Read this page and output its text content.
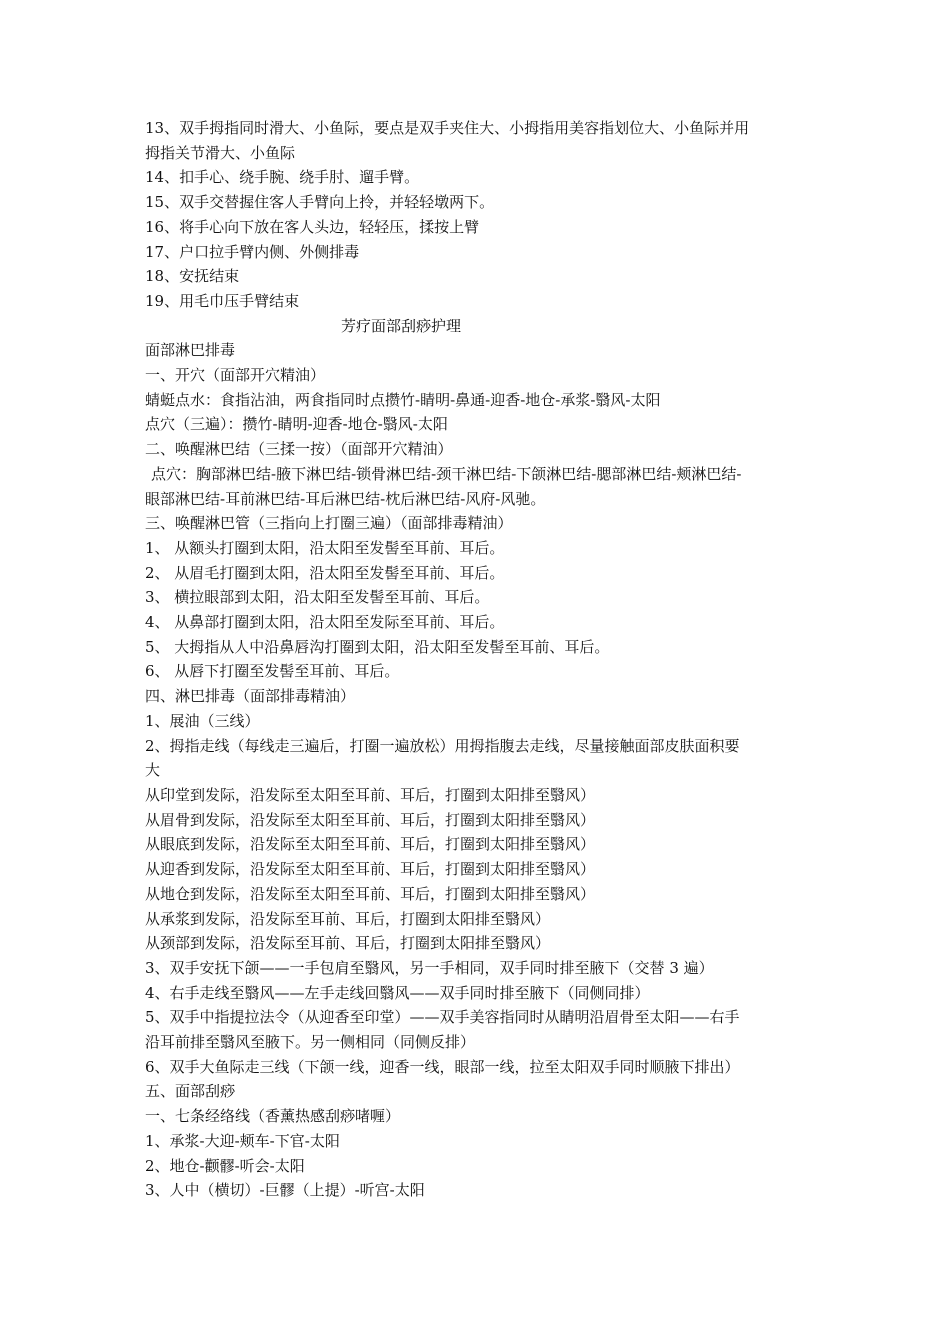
13、双手拇指同时滑大、小鱼际，要点是双手夹住大、小拇指用美容指划位大、小鱼际并用
拇指关节滑大、小鱼际
14、扣手心、绕手腕、绕手肘、遛手臂。
15、双手交替握住客人手臂向上拎，并轻轻墩两下。
16、将手心向下放在客人头边，轻轻压，揉按上臂
17、户口拉手臂内侧、外侧排毒
18、安抚结束
19、用毛巾压手臂结束
芳疗面部刮痧护理
面部淋巴排毒
一、开穴（面部开穴精油）
蜻蜓点水：食指沾油，两食指同时点攒竹-睛明-鼻通-迎香-地仓-承浆-翳风-太阳
点穴（三遍）：攒竹-睛明-迎香-地仓-翳风-太阳
二、唤醒淋巴结（三揉一按）（面部开穴精油）
点穴：胸部淋巴结-腋下淋巴结-锁骨淋巴结-颈干淋巴结-下颌淋巴结-腮部淋巴结-颊淋巴结-
眼部淋巴结-耳前淋巴结-耳后淋巴结-枕后淋巴结-风府-风驰。
三、唤醒淋巴管（三指向上打圈三遍）（面部排毒精油）
1、 从额头打圈到太阳，沿太阳至发髻至耳前、耳后。
2、 从眉毛打圈到太阳，沿太阳至发髻至耳前、耳后。
3、 横拉眼部到太阳，沿太阳至发髻至耳前、耳后。
4、 从鼻部打圈到太阳，沿太阳至发际至耳前、耳后。
5、 大拇指从人中沿鼻唇沟打圈到太阳，沿太阳至发髻至耳前、耳后。
6、 从唇下打圈至发髻至耳前、耳后。
四、淋巴排毒（面部排毒精油）
1、展油（三线）
2、拇指走线（每线走三遍后，打圈一遍放松）用拇指腹去走线，尽量接触面部皮肤面积要
大
从印堂到发际，沿发际至太阳至耳前、耳后，打圈到太阳排至翳风）
从眉骨到发际，沿发际至太阳至耳前、耳后，打圈到太阳排至翳风）
从眼底到发际，沿发际至太阳至耳前、耳后，打圈到太阳排至翳风）
从迎香到发际，沿发际至太阳至耳前、耳后，打圈到太阳排至翳风）
从地仓到发际，沿发际至太阳至耳前、耳后，打圈到太阳排至翳风）
从承浆到发际，沿发际至耳前、耳后，打圈到太阳排至翳风）
从颈部到发际，沿发际至耳前、耳后，打圈到太阳排至翳风）
3、双手安抚下颌——一手包肩至翳风，另一手相同，双手同时排至腋下（交替 3 遍）
4、右手走线至翳风——左手走线回翳风——双手同时排至腋下（同侧同排）
5、双手中指提拉法令（从迎香至印堂）——双手美容指同时从睛明沿眉骨至太阳——右手
沿耳前排至翳风至腋下。另一侧相同（同侧反排）
6、双手大鱼际走三线（下颌一线，迎香一线，眼部一线，拉至太阳双手同时顺腋下排出）
五、面部刮痧
一、七条经络线（香薰热感刮痧啫喱）
1、承浆-大迎-颊车-下官-太阳
2、地仓-颧髎-听会-太阳
3、人中（横切）-巨髎（上提）-听宫-太阳
